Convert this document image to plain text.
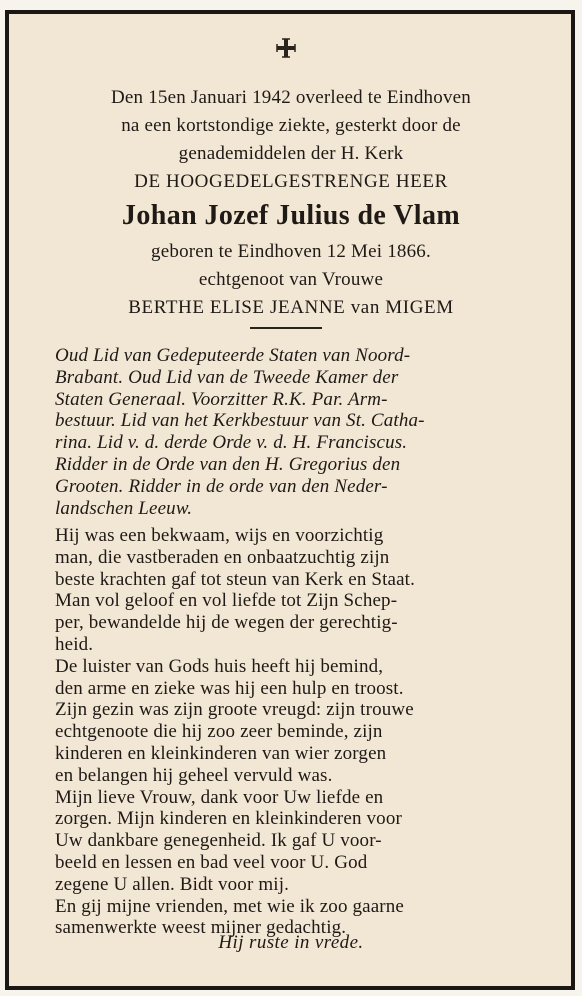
Den 15en Januari 1942 overleed te Eindhoven
na een kortstondige ziekte, gesterkt door de
genademiddelen der H. Kerk
DE HOOGEDELGESTRENGE HEER
Johan Jozef Julius de Vlam
geboren te Eindhoven 12 Mei 1866.
echtgenoot van Vrouwe
BERTHE ELISE JEANNE van MIGEM
Oud Lid van Gedeputeerde Staten van Noord-
Brabant. Oud Lid van de Tweede Kamer der
Staten Generaal. Voorzitter R.K. Par. Arm-
bestuur. Lid van het Kerkbestuur van St. Catha-
rina. Lid v. d. derde Orde v. d. H. Franciscus.
Ridder in de Orde van den H. Gregorius den
Grooten. Ridder in de orde van den Neder-
landschen Leeuw.
Hij was een bekwaam, wijs en voorzichtig
man, die vastberaden en onbaatzuchtig zijn
beste krachten gaf tot steun van Kerk en Staat.
Man vol geloof en vol liefde tot Zijn Schep-
per, bewandelde hij de wegen der gerechtig-
heid.
De luister van Gods huis heeft hij bemind,
den arme en zieke was hij een hulp en troost.
Zijn gezin was zijn groote vreugd: zijn trouwe
echtgenoote die hij zoo zeer beminde, zijn
kinderen en kleinkinderen van wier zorgen
en belangen hij geheel vervuld was.
Mijn lieve Vrouw, dank voor Uw liefde en
zorgen. Mijn kinderen en kleinkinderen voor
Uw dankbare genegenheid. Ik gaf U voor-
beeld en lessen en bad veel voor U. God
zegene U allen. Bidt voor mij.
En gij mijne vrienden, met wie ik zoo gaarne
samenwerkte weest mijner gedachtig.
Hij ruste in vrede.
